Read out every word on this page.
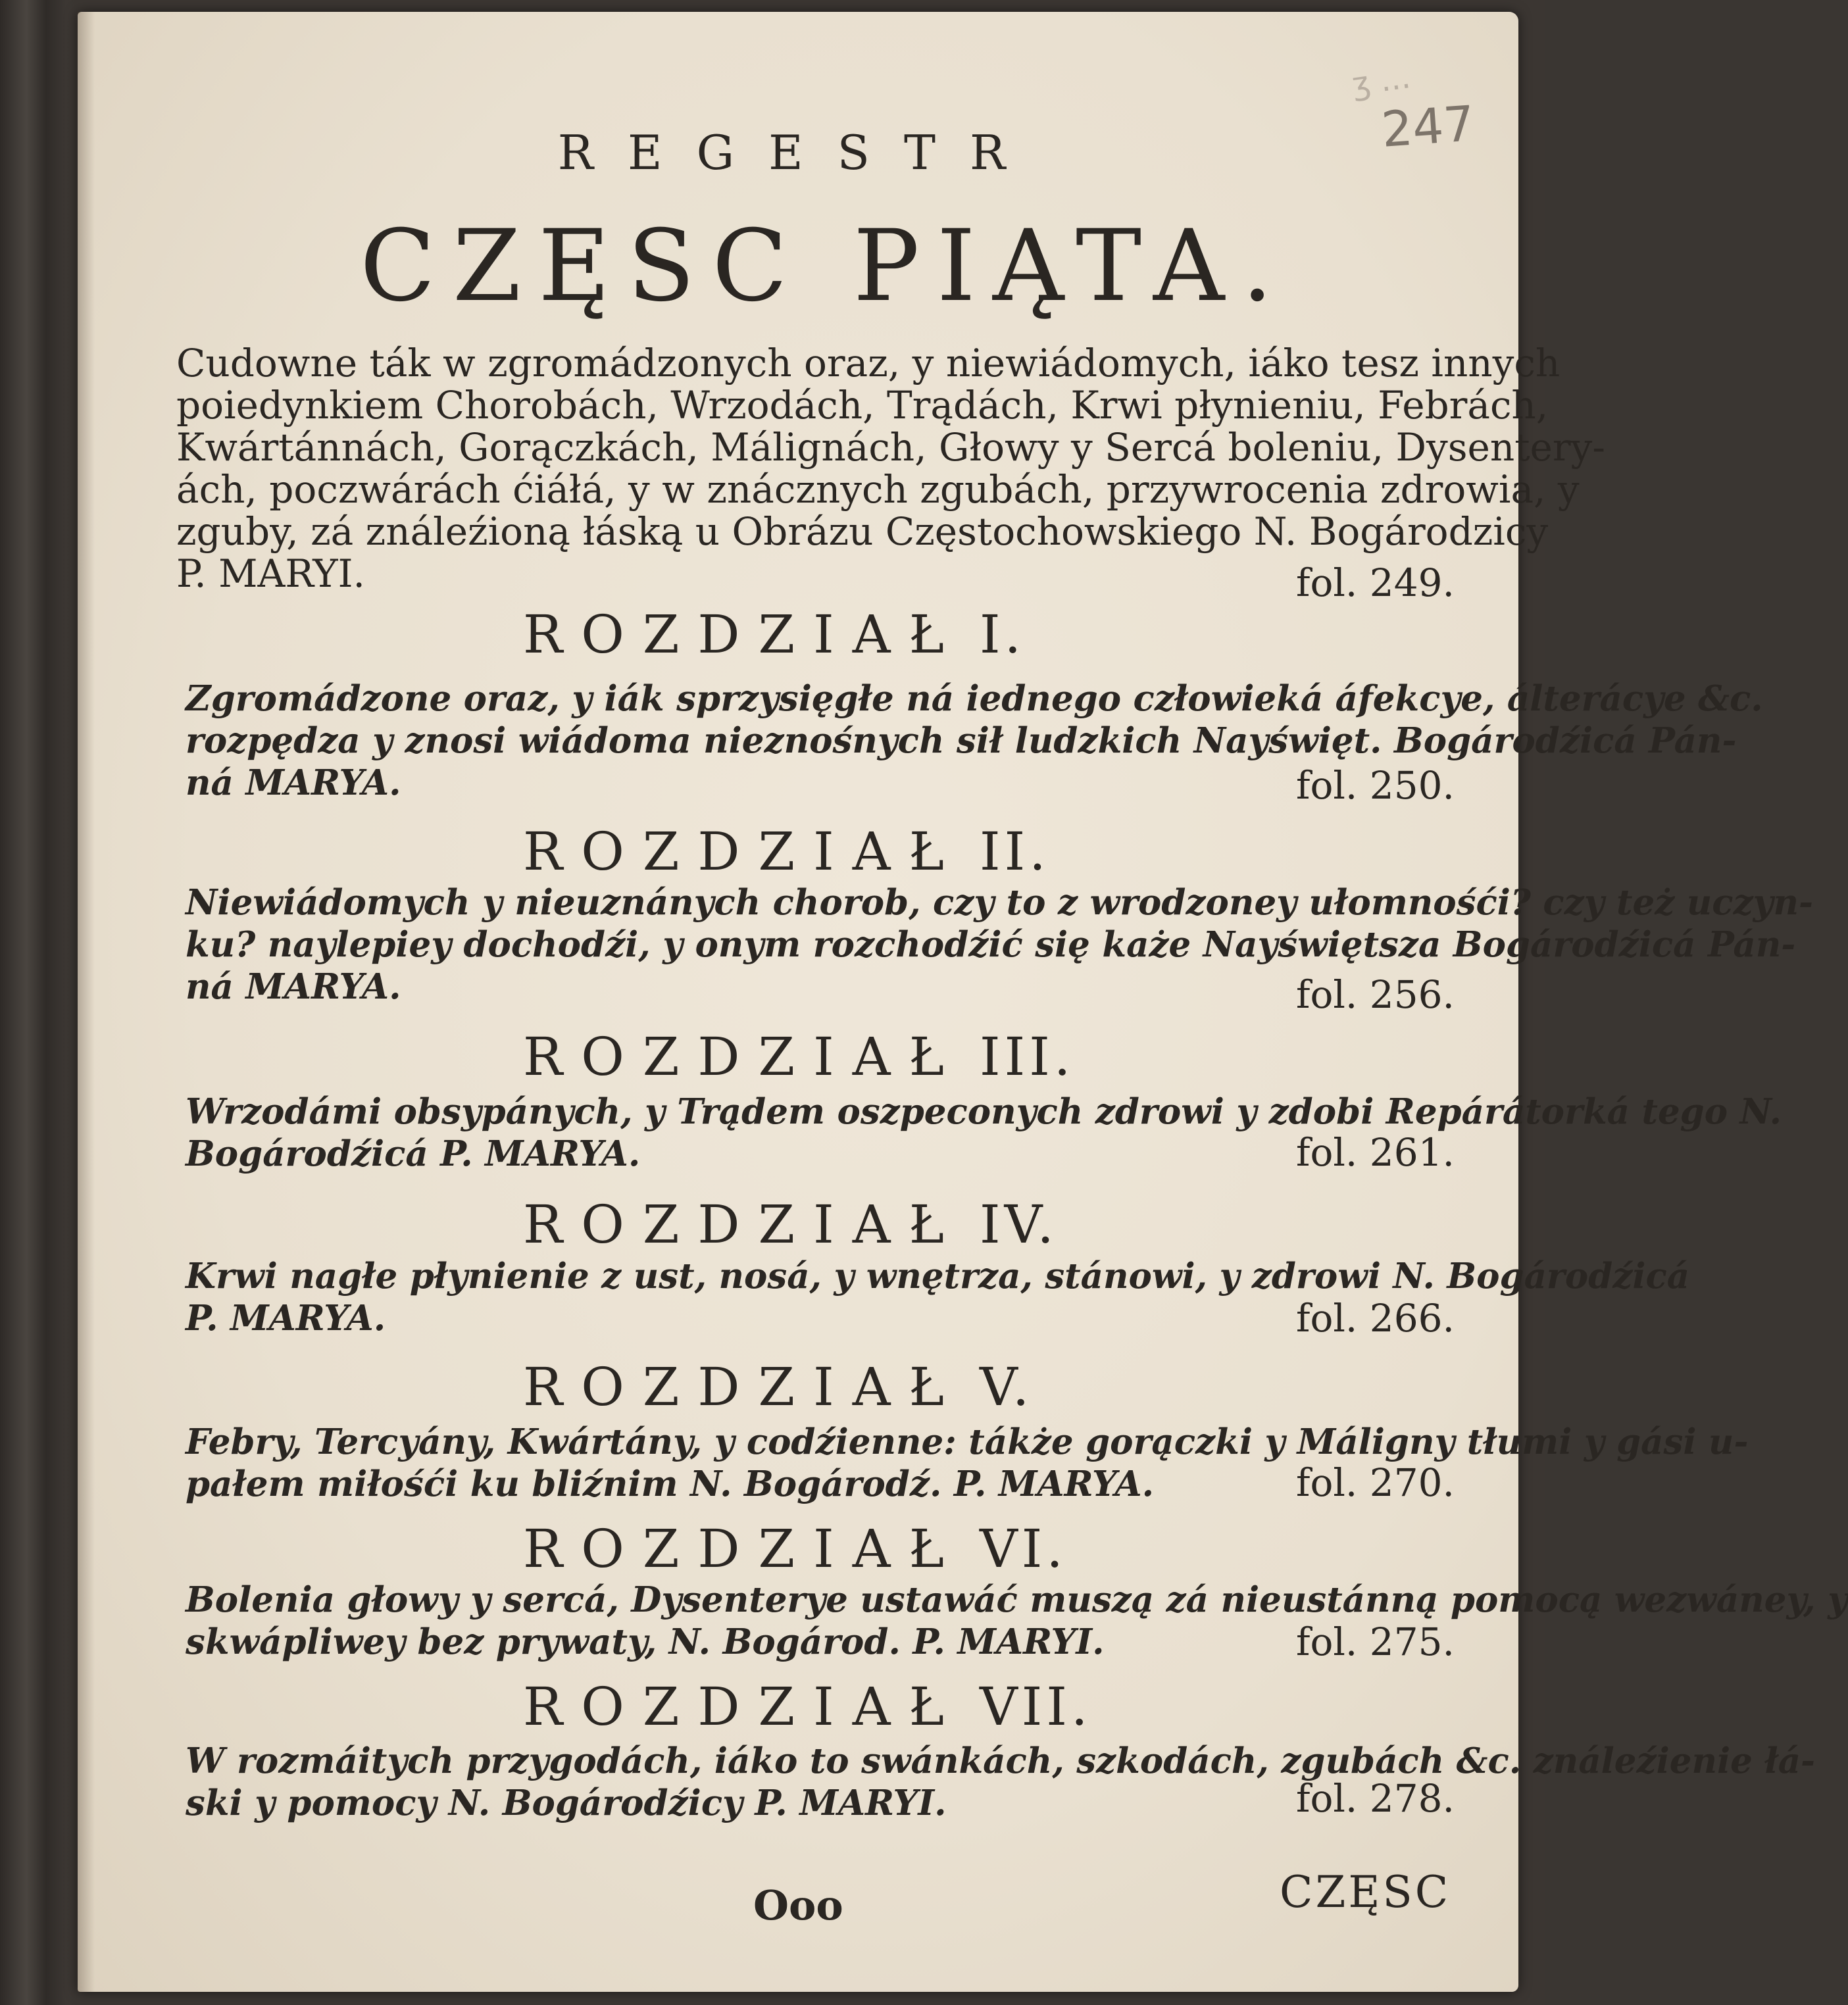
ʒ ...
247
REGESTR
CZĘSC PIĄTA.
Cudowne ták w zgromádzonych oraz, y niewiádomych, iáko tesz innych
poiedynkiem Chorobách, Wrzodách, Trądách, Krwi płynieniu, Febrách,
Kwártánnách, Gorączkách, Málignách, Głowy y Sercá boleniu, Dysentery-
ách, poczwárách ćiáłá, y w znácznych zgubách, przywrocenia zdrowia, y
zguby, zá ználeźioną łáską u Obrázu Częstochowskiego N. Bogárodzicy
P. MARYI.	fol. 249.
ROZDZIAŁ I.
Zgromádzone oraz, y iák sprzysięgłe ná iednego człowieká áfekcye, álterácye &c.
rozpędza y znosi wiádoma nieznośnych sił ludzkich Nayświęt. Bogárodźicá Pán-
ná MARYA.	fol. 250.
ROZDZIAŁ II.
Niewiádomych y nieuznánych chorob, czy to z wrodzoney ułomnośći? czy też uczyn-
ku? naylepiey dochodźi, y onym rozchodźić się każe Nayświętsza Bogárodźicá Pán-
ná MARYA.	fol. 256.
ROZDZIAŁ III.
Wrzodámi obsypánych, y Trądem oszpeconych zdrowi y zdobi Repárátorká tego N.
Bogárodźicá P. MARYA.	fol. 261.
ROZDZIAŁ IV.
Krwi nagłe płynienie z ust, nosá, y wnętrza, stánowi, y zdrowi N. Bogárodźicá
P. MARYA.	fol. 266.
ROZDZIAŁ V.
Febry, Tercyány, Kwártány, y codźienne: tákże gorączki y Máligny tłumi y gási u-
pałem miłośći ku bliźnim N. Bogárodź. P. MARYA.	fol. 270.
ROZDZIAŁ VI.
Bolenia głowy y sercá, Dysenterye ustawáć muszą zá nieustánną pomocą wezwáney, y
skwápliwey bez prywaty, N. Bogárod. P. MARYI.	fol. 275.
ROZDZIAŁ VII.
W rozmáitych przygodách, iáko to swánkách, szkodách, zgubách &c. ználeźienie łá-
ski y pomocy N. Bogárodźicy P. MARYI.	fol. 278.
Ooo	CZĘSC
